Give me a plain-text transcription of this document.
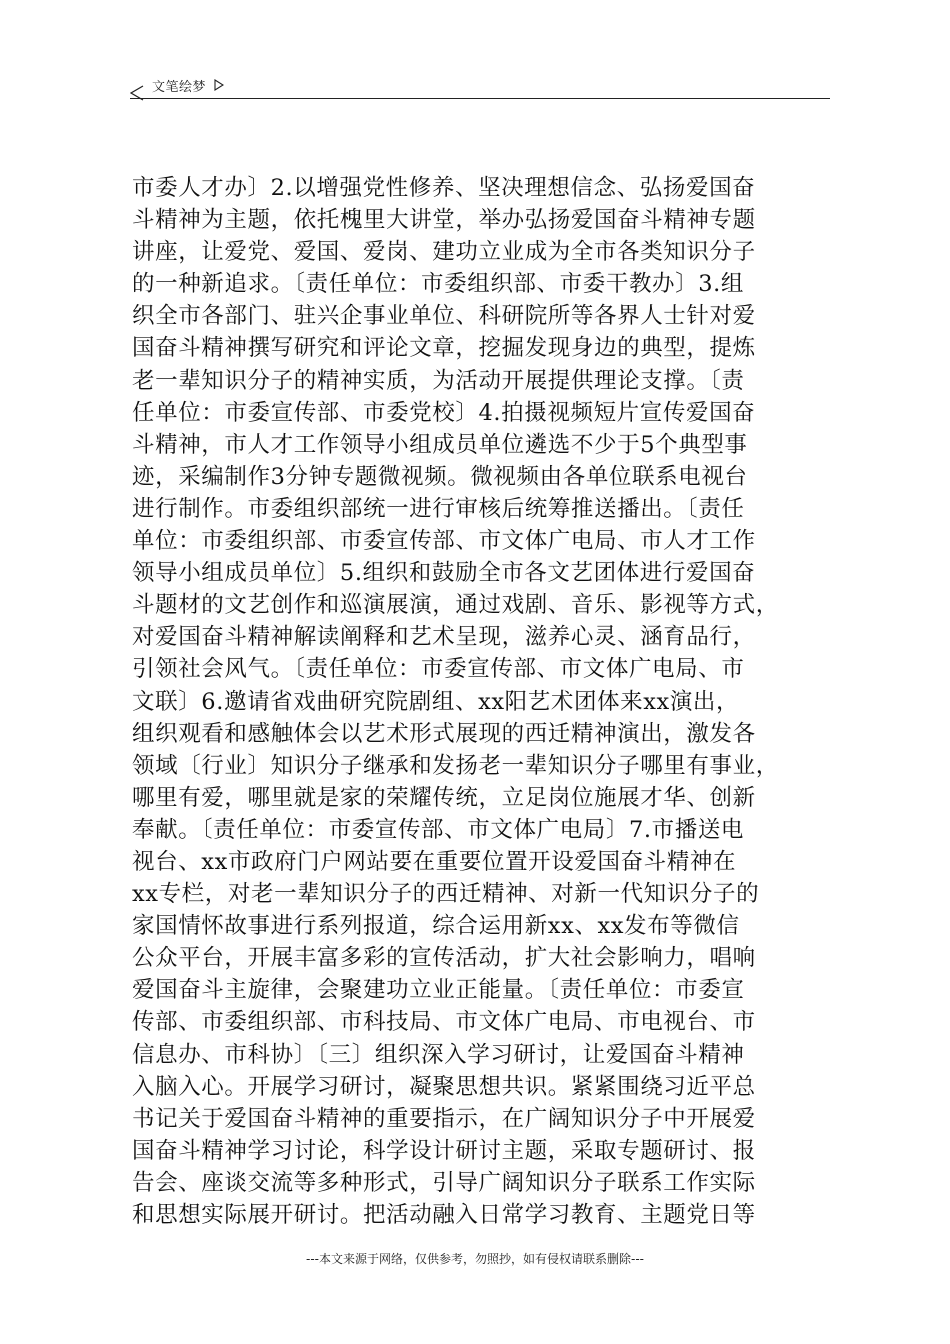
文笔绘梦
市委人才办〕2.以增强党性修养、坚决理想信念、弘扬爱国奋
斗精神为主题，依托槐里大讲堂，举办弘扬爱国奋斗精神专题
讲座，让爱党、爱国、爱岗、建功立业成为全市各类知识分子
的一种新追求。〔责任单位：市委组织部、市委干教办〕3.组
织全市各部门、驻兴企事业单位、科研院所等各界人士针对爱
国奋斗精神撰写研究和评论文章，挖掘发现身边的典型，提炼
老一辈知识分子的精神实质，为活动开展提供理论支撑。〔责
任单位：市委宣传部、市委党校〕4.拍摄视频短片宣传爱国奋
斗精神，市人才工作领导小组成员单位遴选不少于5个典型事
迹，采编制作3分钟专题微视频。微视频由各单位联系电视台
进行制作。市委组织部统一进行审核后统筹推送播出。〔责任
单位：市委组织部、市委宣传部、市文体广电局、市人才工作
领导小组成员单位〕5.组织和鼓励全市各文艺团体进行爱国奋
斗题材的文艺创作和巡演展演，通过戏剧、音乐、影视等方式，
对爱国奋斗精神解读阐释和艺术呈现，滋养心灵、涵育品行，
引领社会风气。〔责任单位：市委宣传部、市文体广电局、市
文联〕6.邀请省戏曲研究院剧组、xx阳艺术团体来xx演出，
组织观看和感触体会以艺术形式展现的西迁精神演出，激发各
领域〔行业〕知识分子继承和发扬老一辈知识分子哪里有事业，
哪里有爱，哪里就是家的荣耀传统，立足岗位施展才华、创新
奉献。〔责任单位：市委宣传部、市文体广电局〕7.市播送电
视台、xx市政府门户网站要在重要位置开设爱国奋斗精神在
xx专栏，对老一辈知识分子的西迁精神、对新一代知识分子的
家国情怀故事进行系列报道，综合运用新xx、xx发布等微信
公众平台，开展丰富多彩的宣传活动，扩大社会影响力，唱响
爱国奋斗主旋律，会聚建功立业正能量。〔责任单位：市委宣
传部、市委组织部、市科技局、市文体广电局、市电视台、市
信息办、市科协〕〔三〕组织深入学习研讨，让爱国奋斗精神
入脑入心。开展学习研讨，凝聚思想共识。紧紧围绕习近平总
书记关于爱国奋斗精神的重要指示，在广阔知识分子中开展爱
国奋斗精神学习讨论，科学设计研讨主题，采取专题研讨、报
告会、座谈交流等多种形式，引导广阔知识分子联系工作实际
和思想实际展开研讨。把活动融入日常学习教育、主题党日等
---本文来源于网络，仅供参考，勿照抄，如有侵权请联系删除---
